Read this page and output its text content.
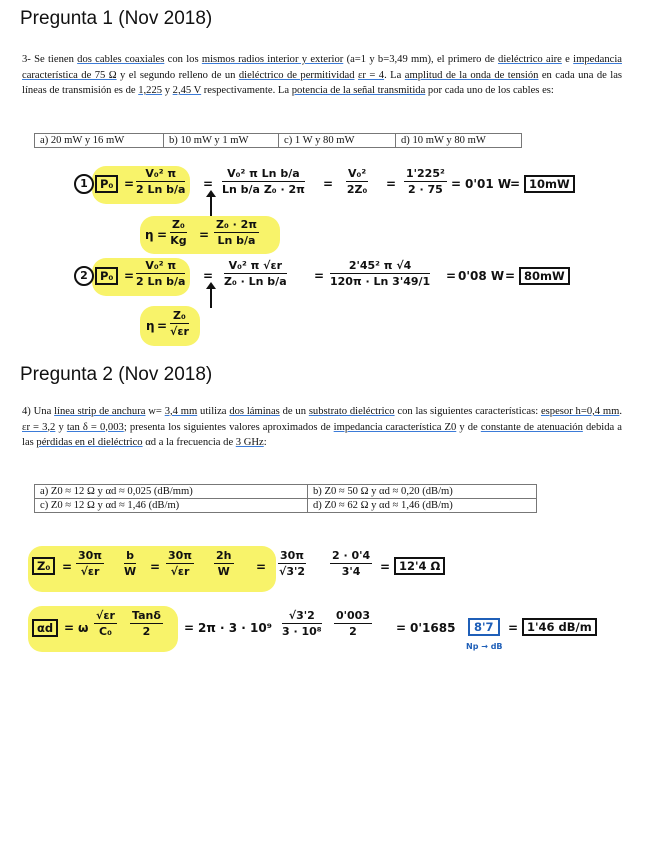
Pregunta 1 (Nov 2018)
3- Se tienen dos cables coaxiales con los mismos radios interior y exterior (a=1 y b=3,49 mm), el primero de dieléctrico aire e impedancia característica de 75 Ω y el segundo relleno de un dieléctrico de permitividad εr = 4. La amplitud de la onda de tensión en cada una de las líneas de transmisión es de 1,225 y 2,45 V respectivamente. La potencia de la señal transmitida por cada uno de los cables es:
a) 20 mW y 16 mW	b) 10 mW y 1 mW	c) 1 W y 80 mW	d) 10 mW y 80 mW
1	$P_0 = \frac{\text{V₀² π}}{\text{2 Ln b/a}} = \frac{\text{V₀² π Ln b/a}}{\text{Ln b/a Z₀ · 2π}} = \frac{\text{V₀²}}{\text{2Z₀}} = \frac{\text{1'225²}}{2 \cdot 75} = 0'01$ W
= 10mW
$\eta = \frac{\text{Z₀}}{Kg} = \frac{\text{Z₀ · 2π}}{\text{Ln b/a}}$
2	$P_0 = \frac{\text{V₀² π}}{\text{2 Ln b/a}} = \frac{\text{V₀² π √εr}}{\text{Z₀ · Ln b/a}} = \frac{\text{2'45² π √4}}{120\pi \cdot Ln 3'49/1} = 0'08$ W = 80mW
$\eta = \frac{\text{Z₀}}{√\varepsilon r}$
Pregunta 2 (Nov 2018)
4) Una línea strip de anchura w= 3,4 mm utiliza dos láminas de un substrato dieléctrico con las siguientes características: espesor h=0,4 mm. εr = 3,2 y tan δ = 0,003; presenta los siguientes valores aproximados de impedancia característica Z0 y de constante de atenuación debida a las pérdidas en el dieléctrico αd a la frecuencia de 3 GHz:
a) Z0 ≈ 12 Ω y αd ≈ 0,025 (dB/mm)	b) Z0 ≈ 50 Ω y αd ≈ 0,20 (dB/m)
c) Z0 ≈ 12 Ω y αd ≈ 1,46 (dB/m)	d) Z0 ≈ 62 Ω y αd ≈ 1,46 (dB/m)
$Z_0 = \frac{30\pi}{√\varepsilon r} \frac{b}{W} = \frac{30\pi}{√\varepsilon r} \frac{2h}{W} = \frac{30\pi}{√3'2} \frac{2 \cdot 0'4}{3'4} = 12'4$ Ω
αd = ω $\frac{√\varepsilon r}{\text{C₀}}$ Tanδ
2	= $2\pi \cdot 3 \cdot 10^9 \frac{√3'2}{\text{3 · 10⁸}} \frac{0'003}{2} = 0'1685$	8'7
Np → dB
= 1'46 dB/m
